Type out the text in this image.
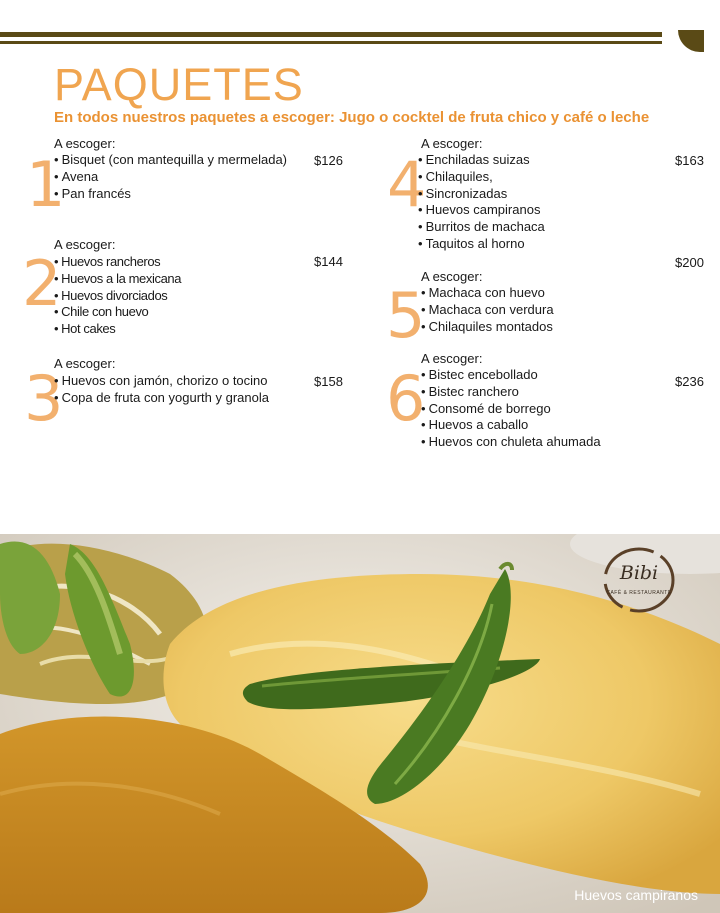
PAQUETES
En todos nuestros paquetes a escoger: Jugo o cocktel de fruta chico y café o leche
1
A escoger:
• Bisquet (con mantequilla y mermelada)
• Avena
• Pan francés
$126
2
A escoger:
• Huevos rancheros
• Huevos a la mexicana
• Huevos divorciados
• Chile con huevo
• Hot cakes
$144
3
A escoger:
• Huevos con jamón, chorizo o tocino
• Copa de fruta con yogurth y granola
$158
4
A escoger:
• Enchiladas suizas
• Chilaquiles,
• Sincronizadas
• Huevos campiranos
• Burritos de machaca
• Taquitos al horno
$163
5
A escoger:
• Machaca con huevo
• Machaca con verdura
• Chilaquiles montados
$200
6
A escoger:
• Bistec encebollado
• Bistec ranchero
• Consomé de borrego
• Huevos a caballo
• Huevos con chuleta ahumada
$236
Bibi
CAFÉ & RESTAURANTE
Huevos campiranos
